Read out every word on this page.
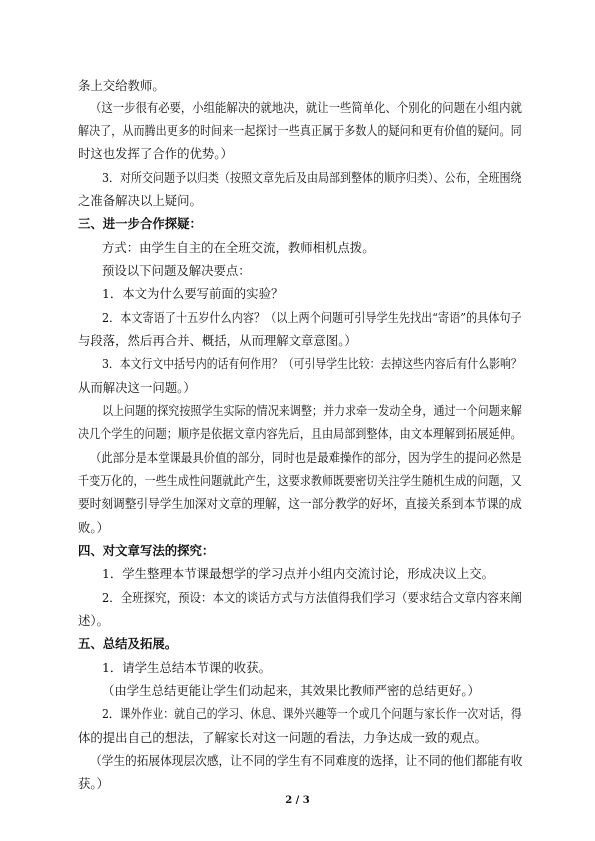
条上交给教师。
（这一步很有必要，小组能解决的就地决，就让一些简单化、个别化的问题在小组内就
解决了，从而腾出更多的时间来一起探讨一些真正属于多数人的疑问和更有价值的疑问。同
时这也发挥了合作的优势。）
3．对所交问题予以归类（按照文章先后及由局部到整体的顺序归类）、公布，全班围绕
之准备解决以上疑问。
三、进一步合作探疑：
方式：由学生自主的在全班交流，教师相机点拨。
预设以下问题及解决要点：
1．本文为什么要写前面的实验？
2．本文寄语了十五岁什么内容？（以上两个问题可引导学生先找出“寄语”的具体句子
与段落，然后再合并、概括，从而理解文章意图。）
3．本文行文中括号内的话有何作用？（可引导学生比较：去掉这些内容后有什么影响？
从而解决这一问题。）
以上问题的探究按照学生实际的情况来调整；并力求牵一发动全身，通过一个问题来解
决几个学生的问题；顺序是依据文章内容先后，且由局部到整体，由文本理解到拓展延伸。
（此部分是本堂课最具价值的部分，同时也是最难操作的部分，因为学生的提问必然是
千变万化的，一些生成性问题就此产生，这要求教师既要密切关注学生随机生成的问题，又
要时刻调整引导学生加深对文章的理解，这一部分教学的好坏，直接关系到本节课的成
败。）
四、对文章写法的探究：
1．学生整理本节课最想学的学习点并小组内交流讨论，形成决议上交。
2．全班探究，预设：本文的谈话方式与方法值得我们学习（要求结合文章内容来阐
述）。
五、总结及拓展。
1．请学生总结本节课的收获。
（由学生总结更能让学生们动起来，其效果比教师严密的总结更好。）
2．课外作业：就自己的学习、休息、课外兴趣等一个或几个问题与家长作一次对话，得
体的提出自己的想法，了解家长对这一问题的看法，力争达成一致的观点。
（学生的拓展体现层次感，让不同的学生有不同难度的选择，让不同的他们都能有收
获。）
2 / 3
